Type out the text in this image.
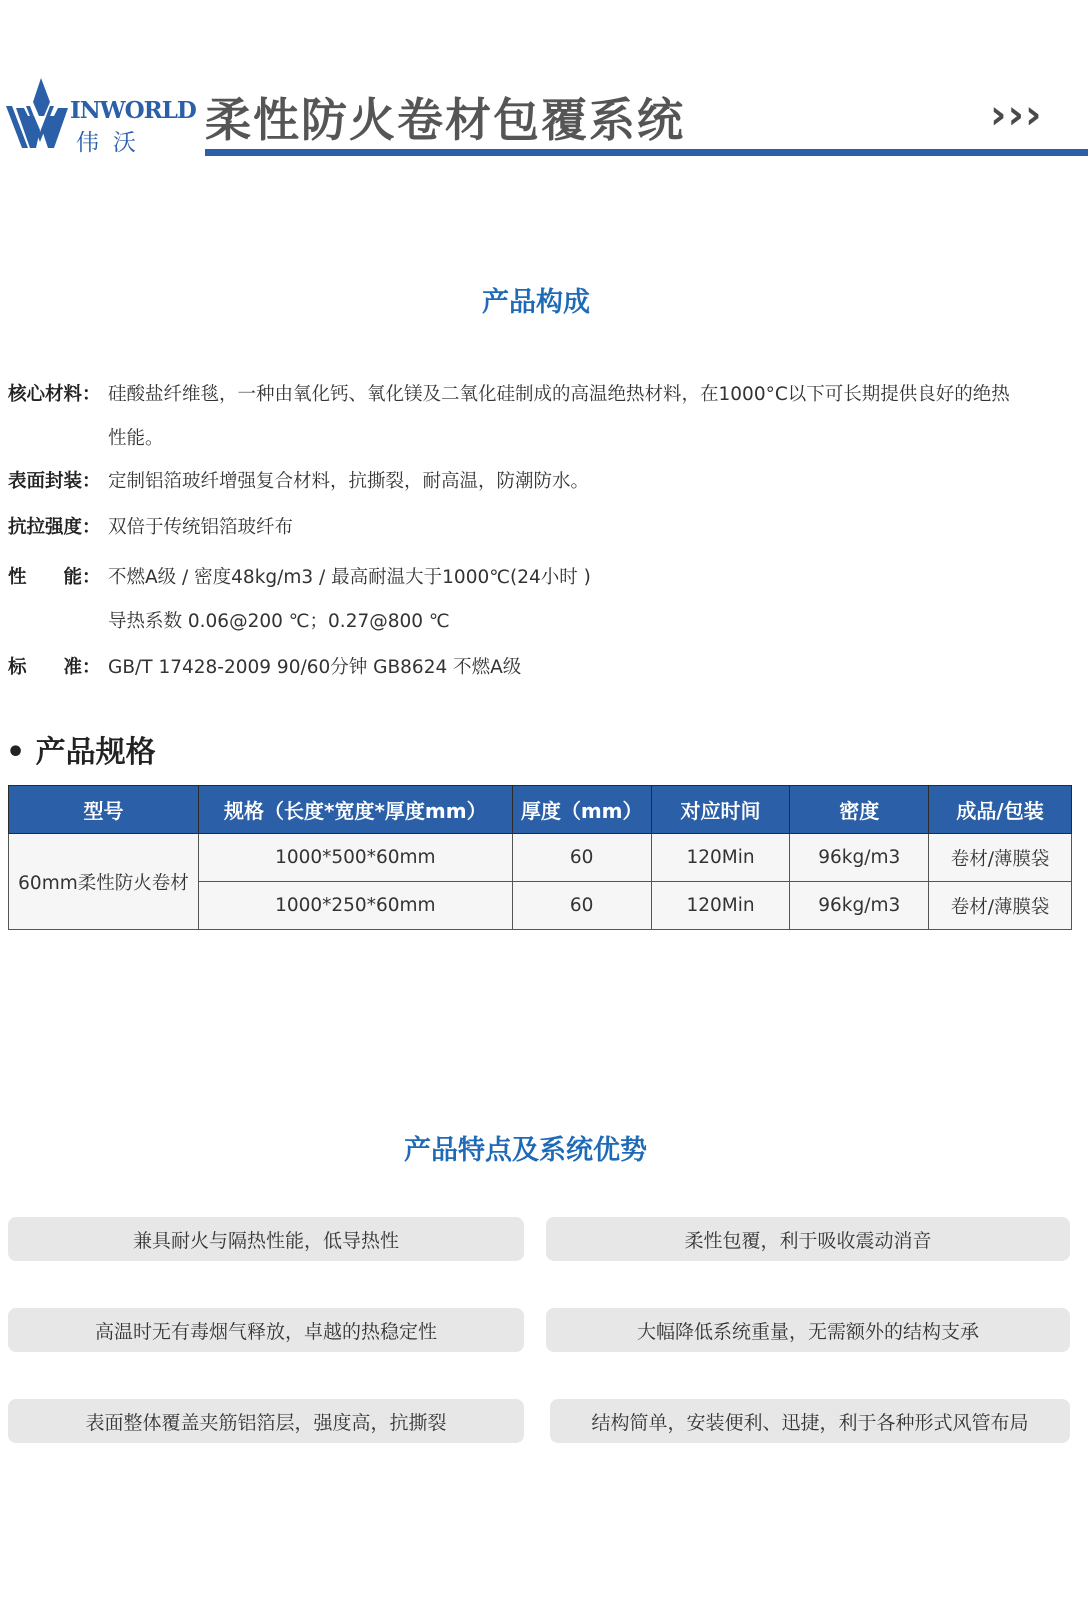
INWORLD
伟沃 柔性防火卷材包覆系统	›››
产品构成
核心材料： 硅酸盐纤维毯，一种由氧化钙、氧化镁及二氧化硅制成的高温绝热材料，在1000°C以下可长期提供良好的绝热
性能。
表面封装： 定制铝箔玻纤增强复合材料，抗撕裂，耐高温，防潮防水。
抗拉强度： 双倍于传统铝箔玻纤布
性　　能： 不燃A级 / 密度48kg/m3 / 最高耐温大于1000℃(24小时 )
导热系数 0.06@200 ℃；0.27@800 ℃
标　　准： GB/T 17428-2009 90/60分钟 GB8624 不燃A级
• 产品规格
型号	规格（长度*宽度*厚度mm）	厚度（mm）	对应时间	密度	成品/包装
60mm柔性防火卷材	1000*500*60mm	60	120Min	96kg/m3	卷材/薄膜袋
	1000*250*60mm	60	120Min	96kg/m3	卷材/薄膜袋
产品特点及系统优势
兼具耐火与隔热性能，低导热性	柔性包覆，利于吸收震动消音
高温时无有毒烟气释放，卓越的热稳定性	大幅降低系统重量，无需额外的结构支承
表面整体覆盖夹筋铝箔层，强度高，抗撕裂	结构简单，安装便利、迅捷，利于各种形式风管布局
